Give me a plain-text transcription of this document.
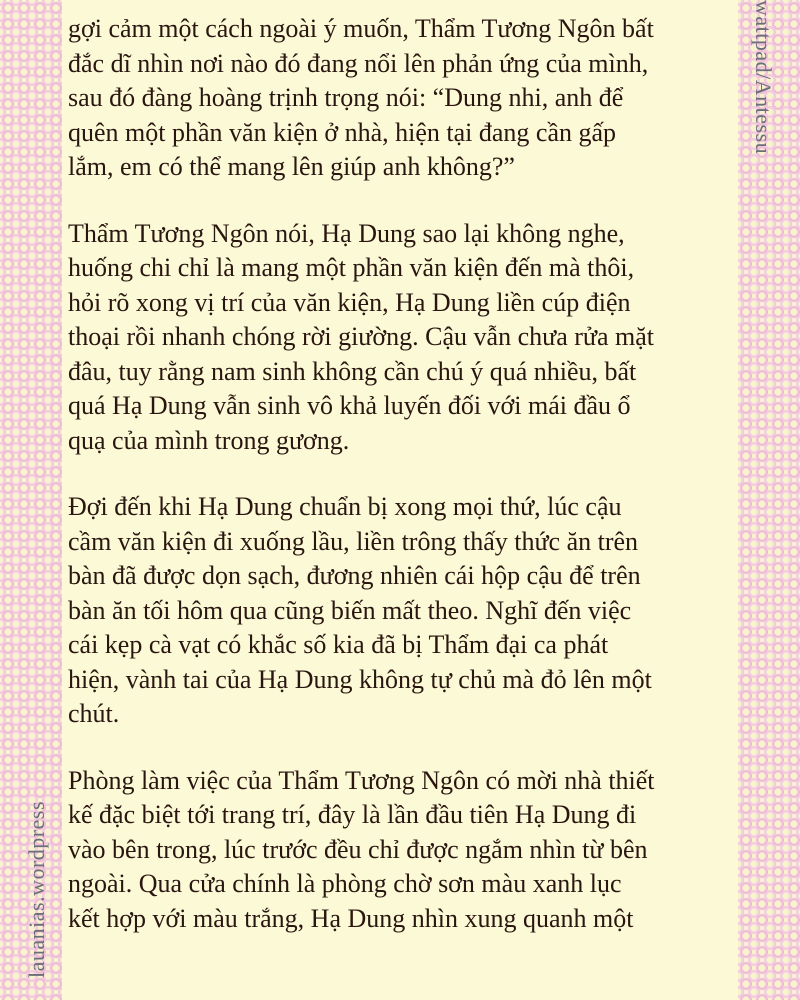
lauanias.wordpress
wattpad/Antessu
gợi cảm một cách ngoài ý muốn, Thẩm Tương Ngôn bất
đắc dĩ nhìn nơi nào đó đang nổi lên phản ứng của mình,
sau đó đàng hoàng trịnh trọng nói: “Dung nhi, anh để
quên một phần văn kiện ở nhà, hiện tại đang cần gấp
lắm, em có thể mang lên giúp anh không?”
Thẩm Tương Ngôn nói, Hạ Dung sao lại không nghe,
huống chi chỉ là mang một phần văn kiện đến mà thôi,
hỏi rõ xong vị trí của văn kiện, Hạ Dung liền cúp điện
thoại rồi nhanh chóng rời giường. Cậu vẫn chưa rửa mặt
đâu, tuy rằng nam sinh không cần chú ý quá nhiều, bất
quá Hạ Dung vẫn sinh vô khả luyến đối với mái đầu ổ
quạ của mình trong gương.
Đợi đến khi Hạ Dung chuẩn bị xong mọi thứ, lúc cậu
cầm văn kiện đi xuống lầu, liền trông thấy thức ăn trên
bàn đã được dọn sạch, đương nhiên cái hộp cậu để trên
bàn ăn tối hôm qua cũng biến mất theo. Nghĩ đến việc
cái kẹp cà vạt có khắc số kia đã bị Thẩm đại ca phát
hiện, vành tai của Hạ Dung không tự chủ mà đỏ lên một
chút.
Phòng làm việc của Thẩm Tương Ngôn có mời nhà thiết
kế đặc biệt tới trang trí, đây là lần đầu tiên Hạ Dung đi
vào bên trong, lúc trước đều chỉ được ngắm nhìn từ bên
ngoài. Qua cửa chính là phòng chờ sơn màu xanh lục
kết hợp với màu trắng, Hạ Dung nhìn xung quanh một
